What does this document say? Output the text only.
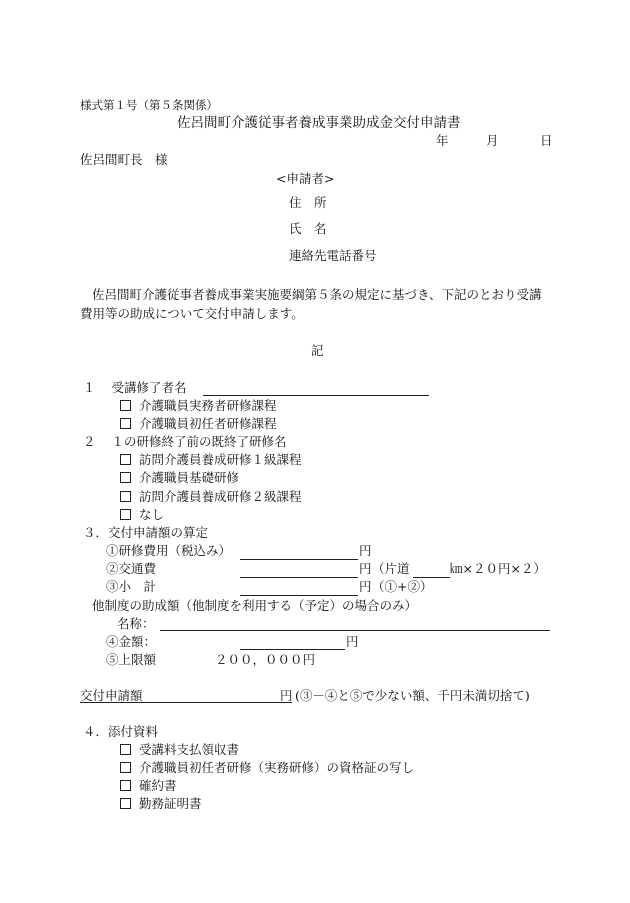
様式第１号（第５条関係）
佐呂間町介護従事者養成事業助成金交付申請書
年	月	日
佐呂間町長　様
<申請者>
住　所
氏　名
連絡先電話番号
佐呂間町介護従事者養成事業実施要綱第５条の規定に基づき、下記のとおり受講費用等の助成について交付申請します。
記
１ 受講修了者名
介護職員実務者研修課程
介護職員初任者研修課程
２ １の研修終了前の既終了研修名
訪問介護員養成研修１級課程
介護職員基礎研修
訪問介護員養成研修２級課程
なし
３．交付申請額の算定
①研修費用（税込み）	円
②交通費	円 （片道	㎞×２０円×２）
③小　計	円 （①+②）
他制度の助成額（他制度を利用する（予定）の場合のみ）
名称：
④金額：	円
⑤上限額	２００，０００円
交付申請額	円 (③－④と⑤で少ない額、千円未満切捨て)
４．添付資料
受講料支払領収書
介護職員初任者研修（実務研修）の資格証の写し
確約書
勤務証明書
